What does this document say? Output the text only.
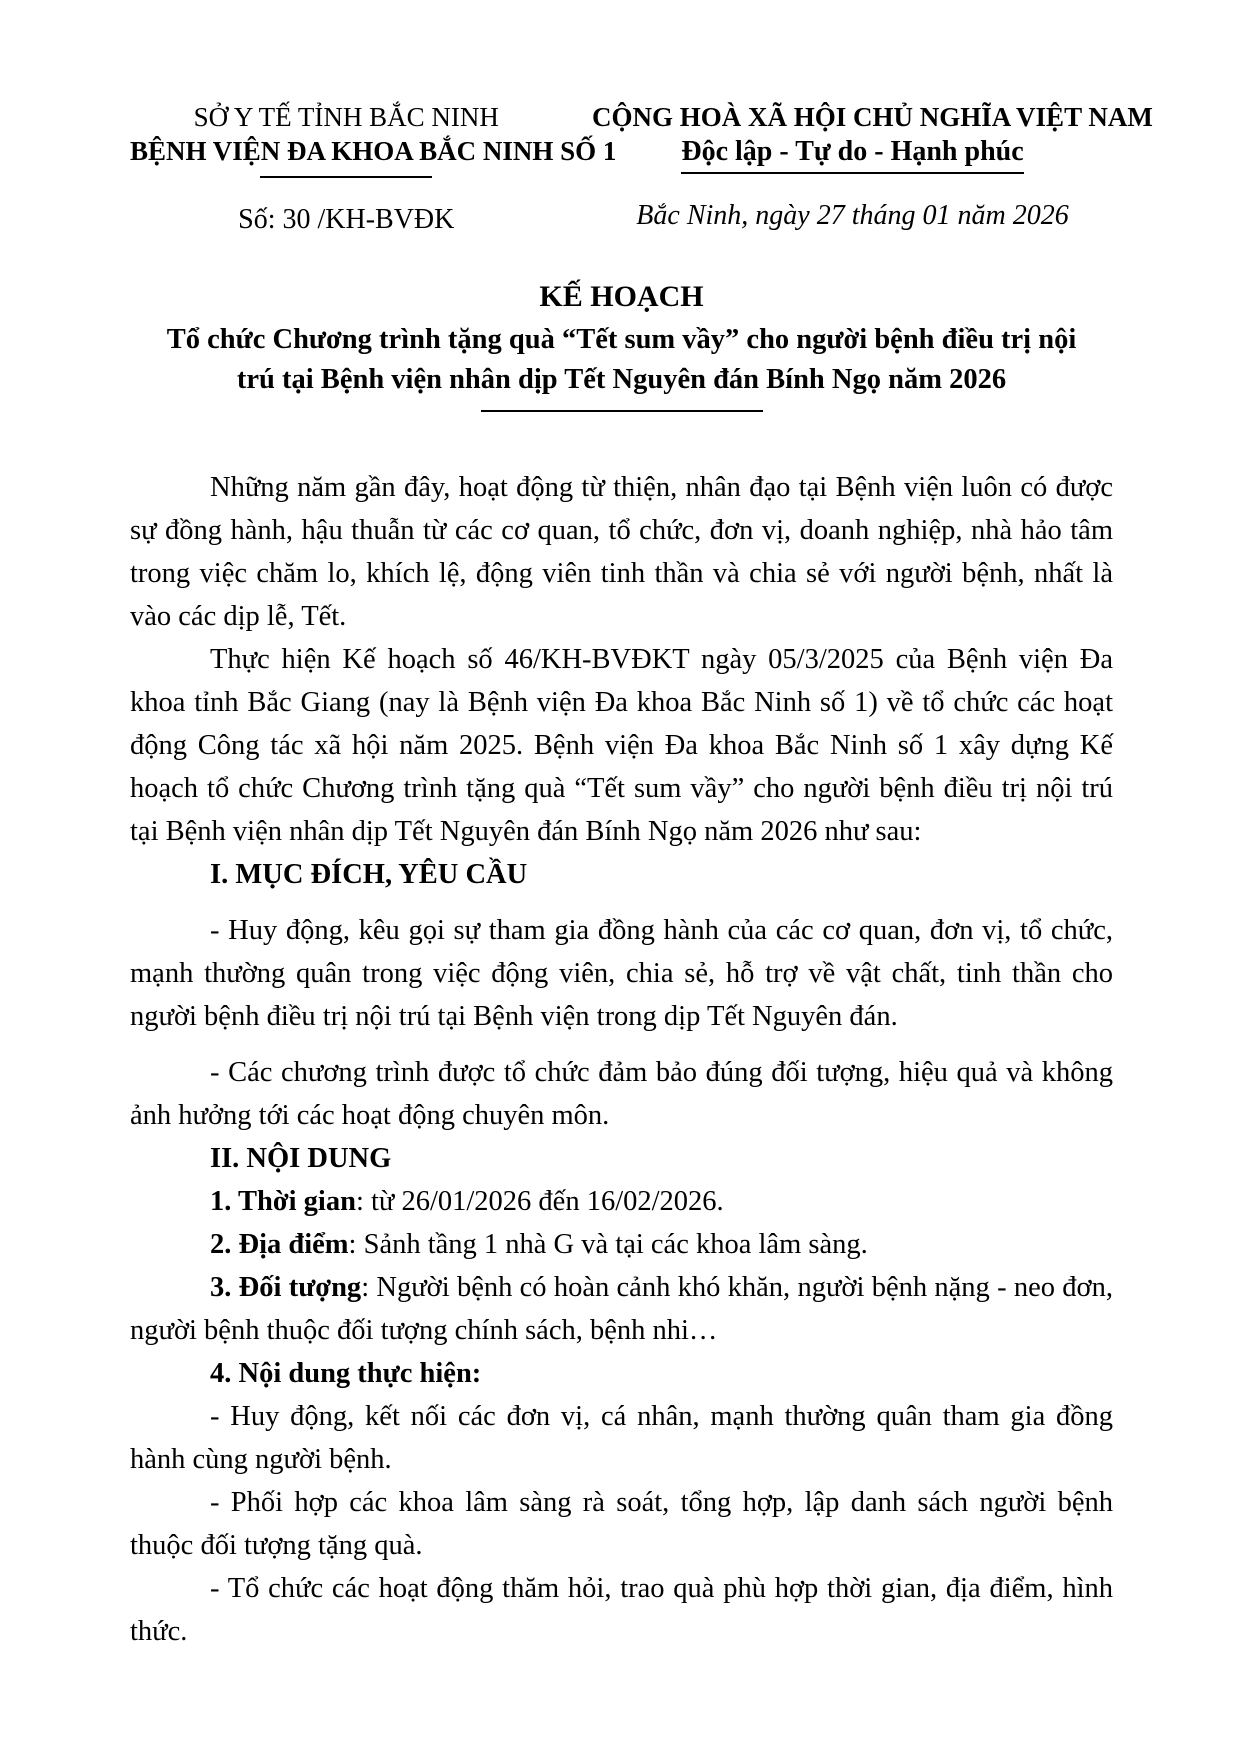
SỞ Y TẾ TỈNH BẮC NINH
BỆNH VIỆN ĐA KHOA BẮC NINH SỐ 1
Số: 30 /KH-BVĐK
CỘNG HOÀ XÃ HỘI CHỦ NGHĨA VIỆT NAM
Độc lập - Tự do - Hạnh phúc
Bắc Ninh, ngày 27 tháng 01 năm 2026
KẾ HOẠCH
Tổ chức Chương trình tặng quà “Tết sum vầy” cho người bệnh điều trị nội trú tại Bệnh viện nhân dịp Tết Nguyên đán Bính Ngọ năm 2026

Những năm gần đây, hoạt động từ thiện, nhân đạo tại Bệnh viện luôn có được sự đồng hành, hậu thuẫn từ các cơ quan, tổ chức, đơn vị, doanh nghiệp, nhà hảo tâm trong việc chăm lo, khích lệ, động viên tinh thần và chia sẻ với người bệnh, nhất là vào các dịp lễ, Tết.

Thực hiện Kế hoạch số 46/KH-BVĐKT ngày 05/3/2025 của Bệnh viện Đa khoa tỉnh Bắc Giang (nay là Bệnh viện Đa khoa Bắc Ninh số 1) về tổ chức các hoạt động Công tác xã hội năm 2025. Bệnh viện Đa khoa Bắc Ninh số 1 xây dựng Kế hoạch tổ chức Chương trình tặng quà “Tết sum vầy” cho người bệnh điều trị nội trú tại Bệnh viện nhân dịp Tết Nguyên đán Bính Ngọ năm 2026 như sau:

I. MỤC ĐÍCH, YÊU CẦU

- Huy động, kêu gọi sự tham gia đồng hành của các cơ quan, đơn vị, tổ chức, mạnh thường quân trong việc động viên, chia sẻ, hỗ trợ về vật chất, tinh thần cho người bệnh điều trị nội trú tại Bệnh viện trong dịp Tết Nguyên đán.

- Các chương trình được tổ chức đảm bảo đúng đối tượng, hiệu quả và không ảnh hưởng tới các hoạt động chuyên môn.

II. NỘI DUNG

1. Thời gian: từ 26/01/2026 đến 16/02/2026.

2. Địa điểm: Sảnh tầng 1 nhà G và tại các khoa lâm sàng.

3. Đối tượng: Người bệnh có hoàn cảnh khó khăn, người bệnh nặng - neo đơn, người bệnh thuộc đối tượng chính sách, bệnh nhi…

4. Nội dung thực hiện:

- Huy động, kết nối các đơn vị, cá nhân, mạnh thường quân tham gia đồng hành cùng người bệnh.

- Phối hợp các khoa lâm sàng rà soát, tổng hợp, lập danh sách người bệnh thuộc đối tượng tặng quà.

- Tổ chức các hoạt động thăm hỏi, trao quà phù hợp thời gian, địa điểm, hình thức.
